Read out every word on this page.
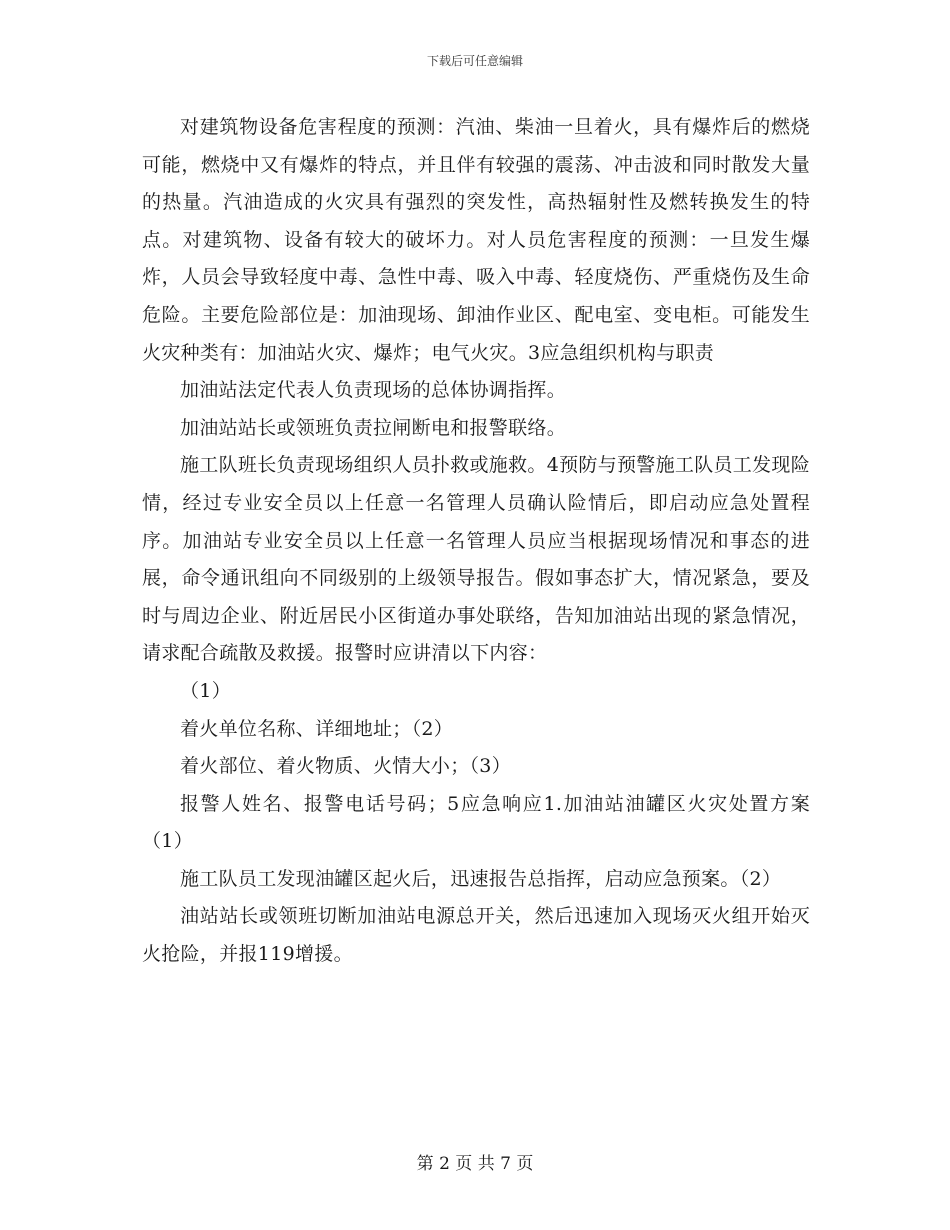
下载后可任意编辑

对建筑物设备危害程度的预测：汽油、柴油一旦着火，具有爆炸后的燃烧可能，燃烧中又有爆炸的特点，并且伴有较强的震荡、冲击波和同时散发大量的热量。汽油造成的火灾具有强烈的突发性，高热辐射性及燃转换发生的特点。对建筑物、设备有较大的破坏力。对人员危害程度的预测：一旦发生爆炸，人员会导致轻度中毒、急性中毒、吸入中毒、轻度烧伤、严重烧伤及生命危险。主要危险部位是：加油现场、卸油作业区、配电室、变电柜。可能发生火灾种类有：加油站火灾、爆炸；电气火灾。3应急组织机构与职责

加油站法定代表人负责现场的总体协调指挥。

加油站站长或领班负责拉闸断电和报警联络。

施工队班长负责现场组织人员扑救或施救。4预防与预警施工队员工发现险情，经过专业安全员以上任意一名管理人员确认险情后，即启动应急处置程序。加油站专业安全员以上任意一名管理人员应当根据现场情况和事态的进展，命令通讯组向不同级别的上级领导报告。假如事态扩大，情况紧急，要及时与周边企业、附近居民小区街道办事处联络，告知加油站出现的紧急情况，请求配合疏散及救援。报警时应讲清以下内容：

（1）

着火单位名称、详细地址；（2）

着火部位、着火物质、火情大小；（3）

报警人姓名、报警电话号码；5应急响应1.加油站油罐区火灾处置方案（1）

施工队员工发现油罐区起火后，迅速报告总指挥，启动应急预案。（2）

油站站长或领班切断加油站电源总开关，然后迅速加入现场灭火组开始灭火抢险，并报119增援。

第 2 页 共 7 页
